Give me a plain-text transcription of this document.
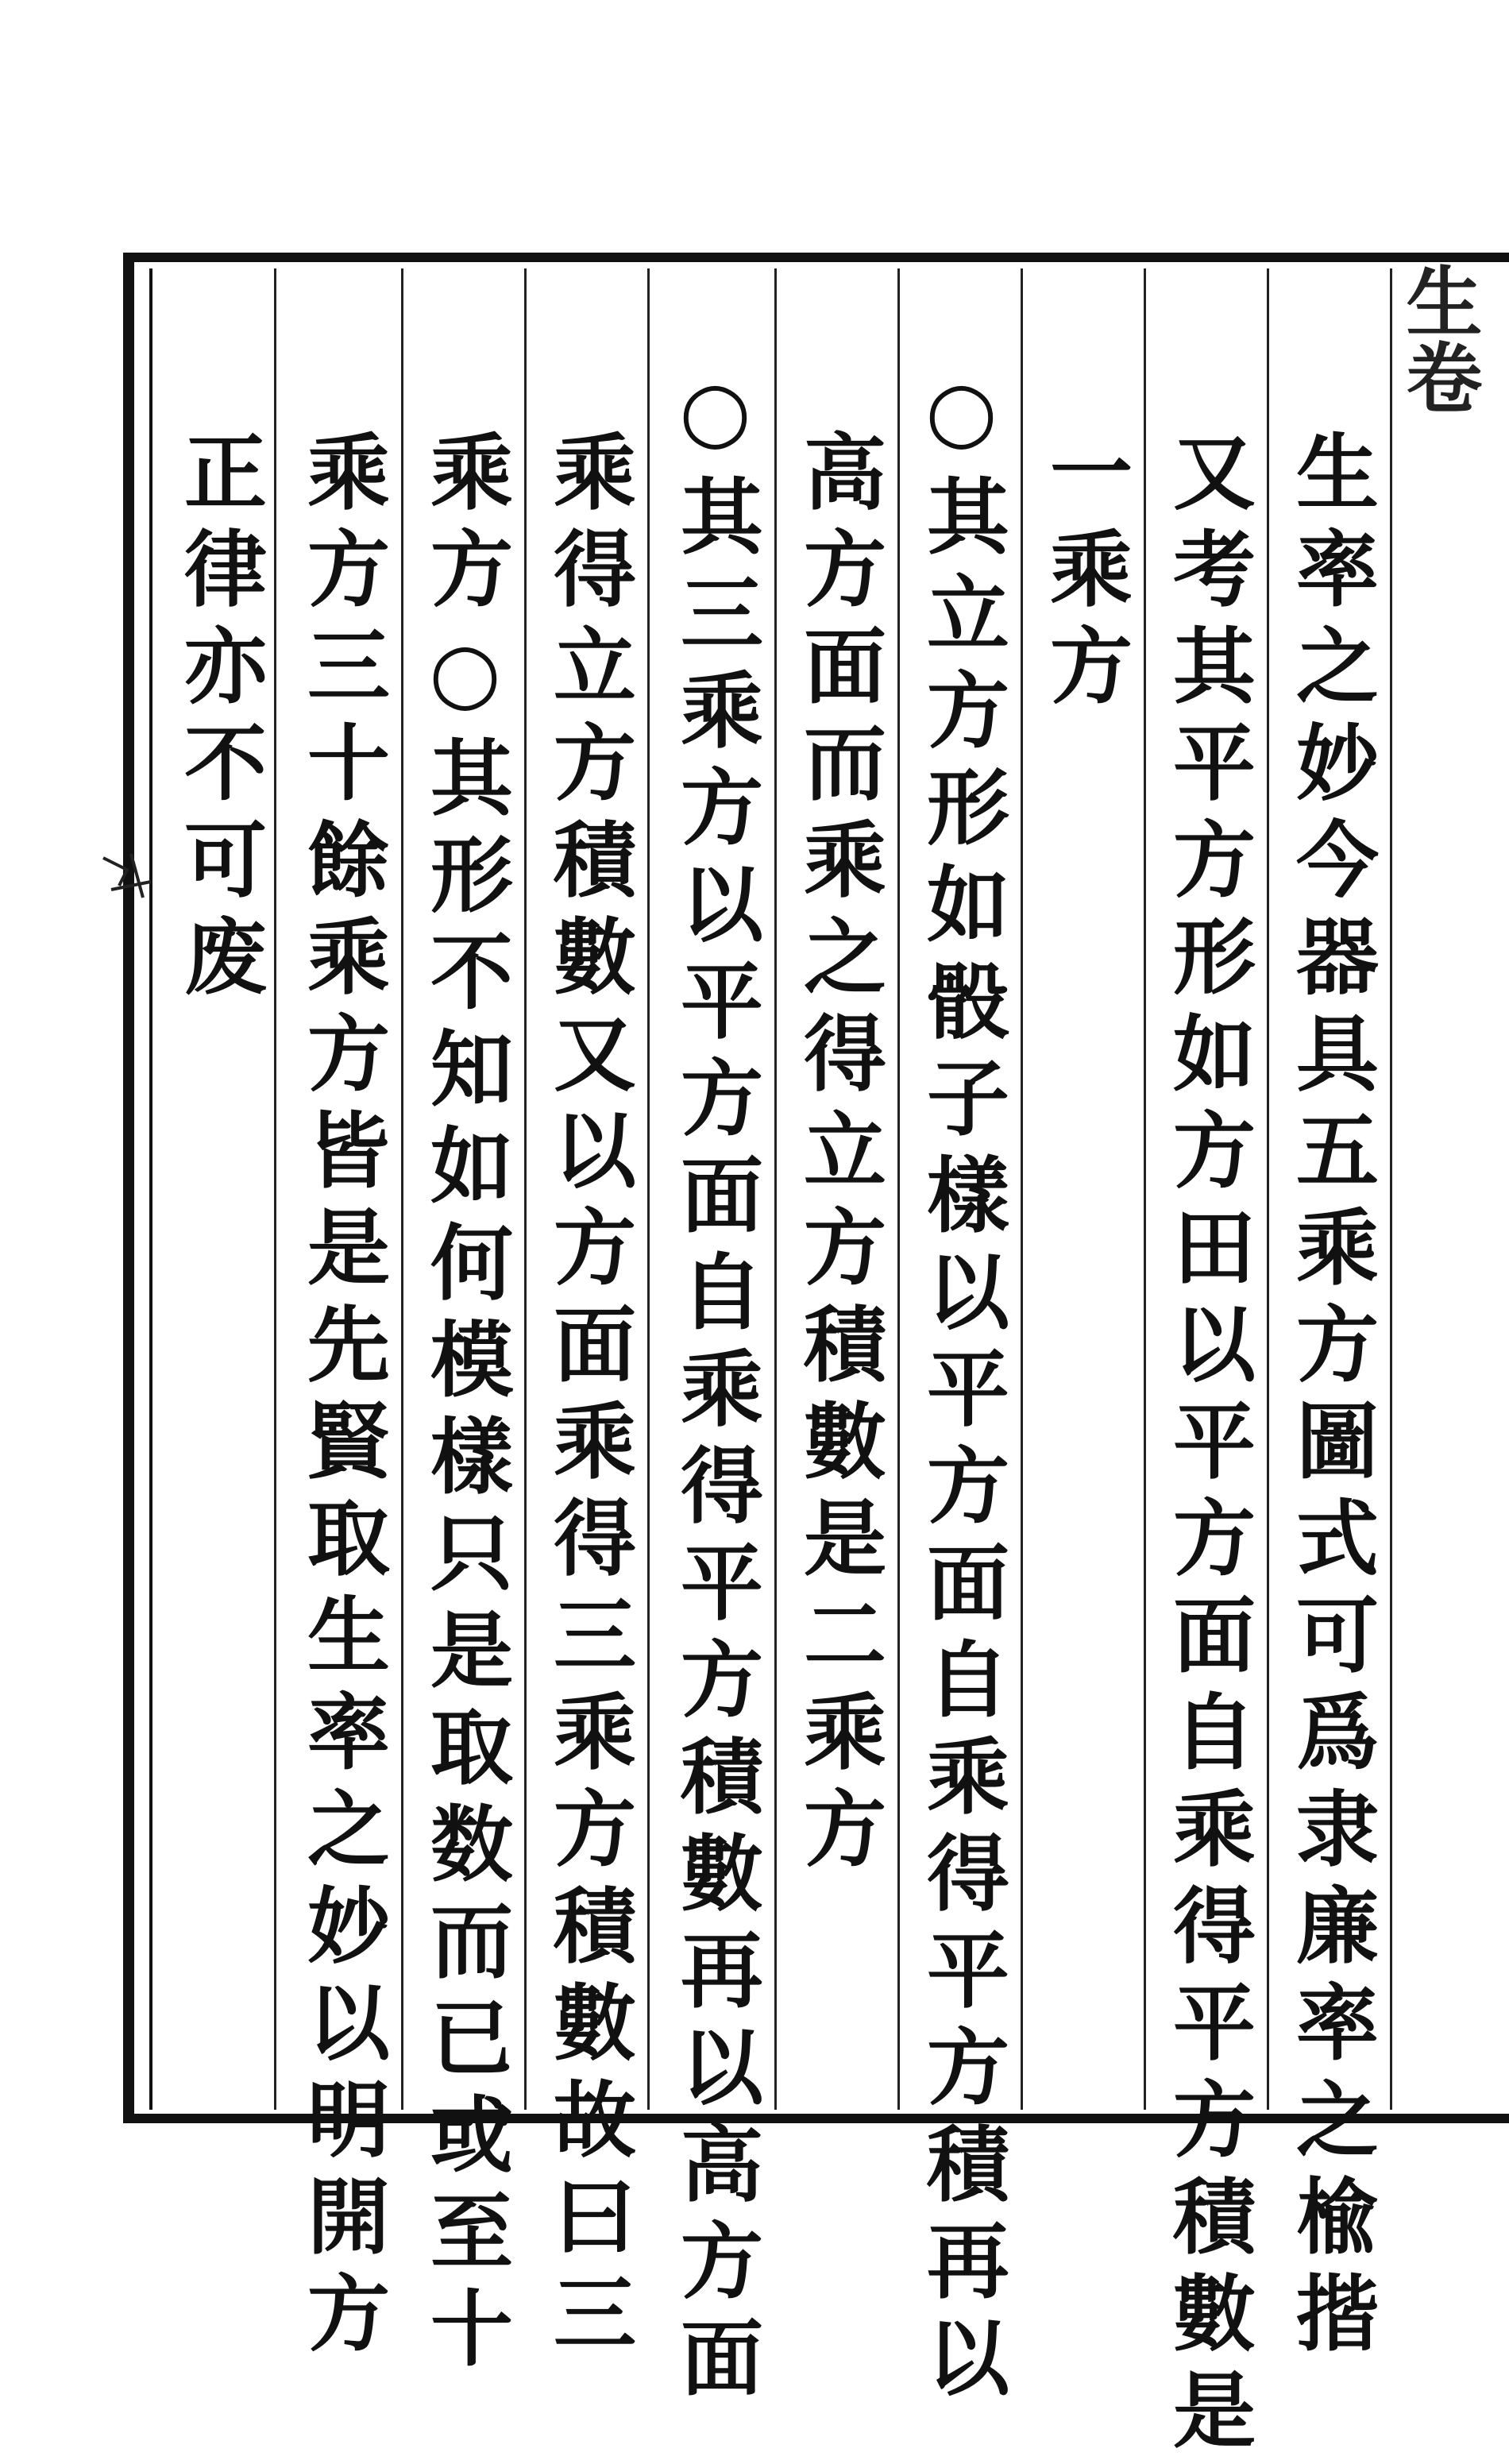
生卷
生率之妙今器具五乘方圖式可爲隶廉率之楡揩
又考其平方形如方田以平方面自乘得平方積數是
一乘方
○其立方形如骰子樣以平方面自乘得平方積再以
高方面而乘之得立方積數是二乘方
○其三乘方以平方面自乘得平方積數再以高方面
乘得立方積數又以方面乘得三乘方積數故曰三
乘方○其形不知如何模樣只是取数而已或至十
乘方三十餘乘方皆是先賢取生率之妙以明開方
正律亦不可废
